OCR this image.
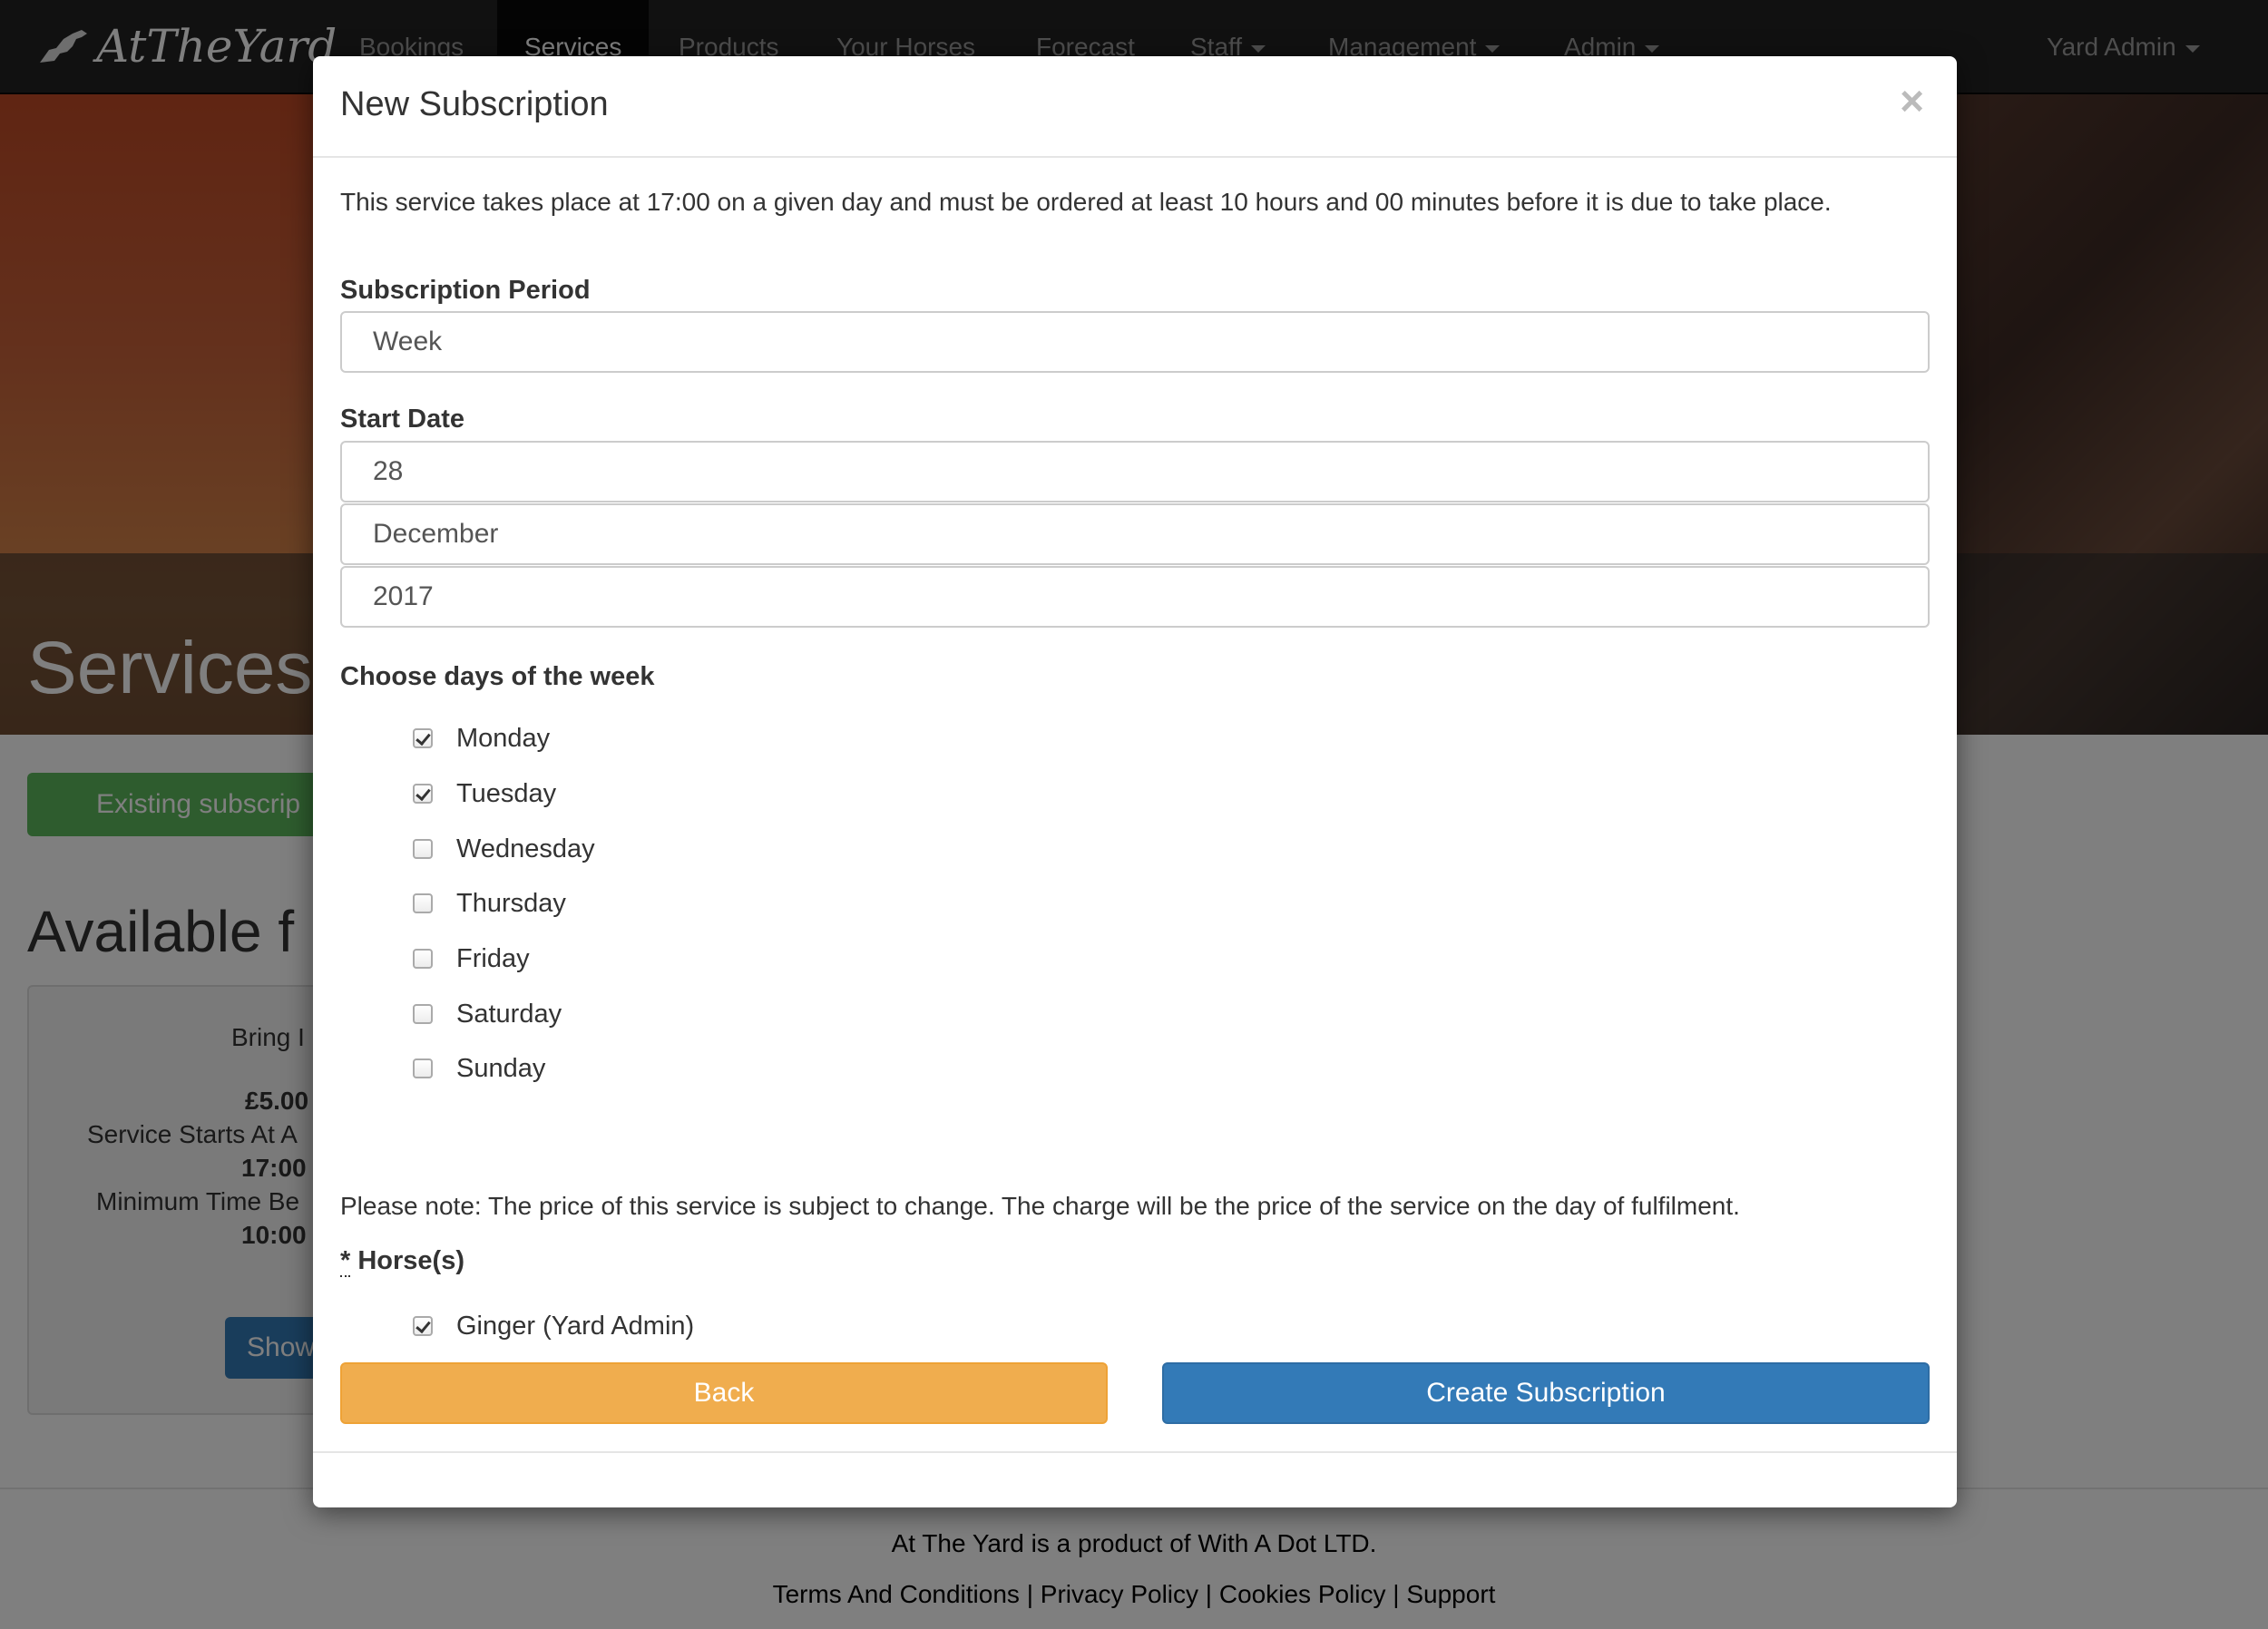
New Subscription	×
This service takes place at 17:00 on a given day and must be ordered at least 10 hours and 00 minutes before it is due to take place.
Subscription Period
Week
Start Date
28
December
2017
Choose days of the week
Monday
Tuesday
Wednesday
Thursday
Friday
Saturday
Sunday
Please note: The price of this service is subject to change. The charge will be the price of the service on the day of fulfilment.
* Horse(s)
Ginger (Yard Admin)
Back	Create Subscription
